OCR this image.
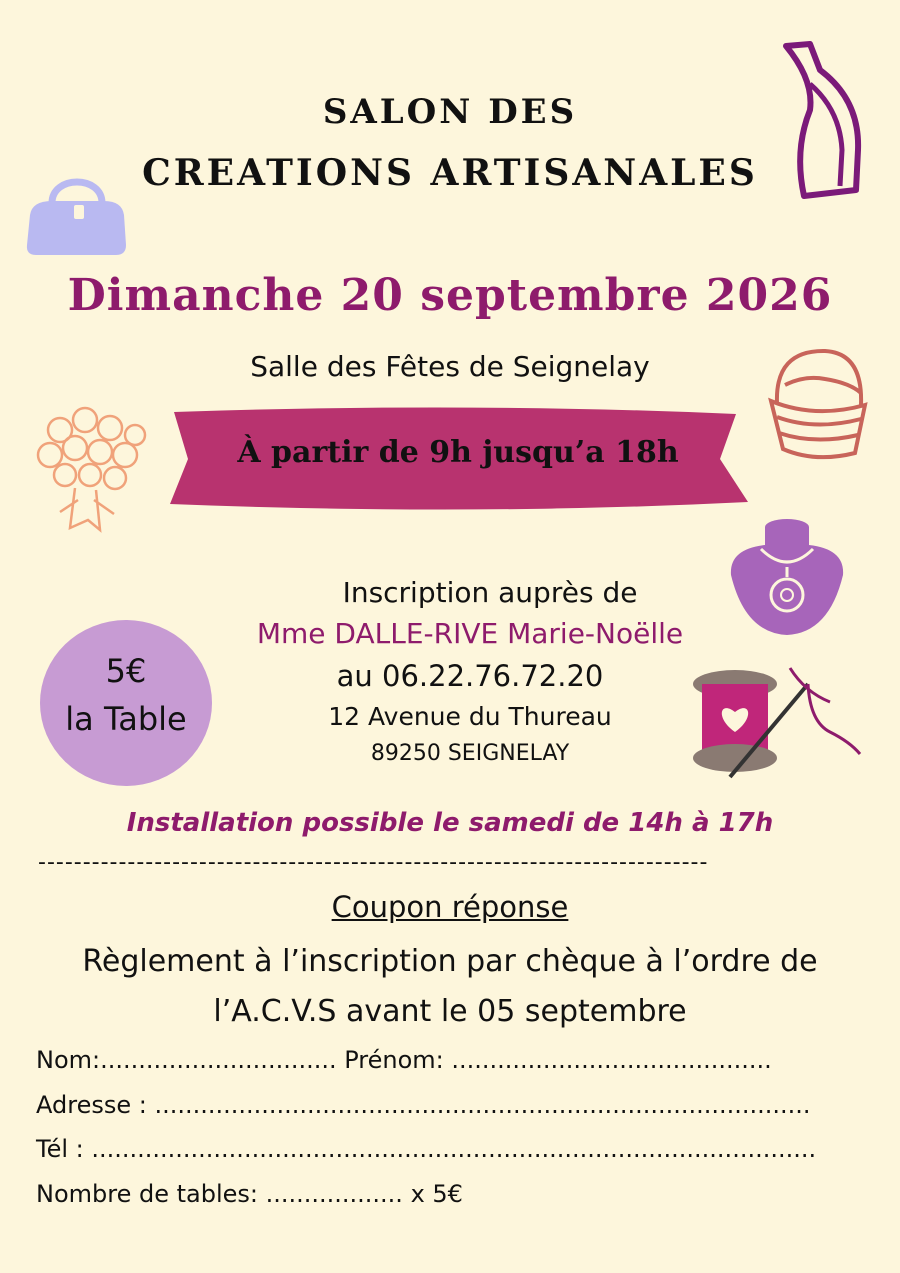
SALON DES
CREATIONS ARTISANALES
Dimanche 20 septembre 2026
Salle des Fêtes de Seignelay
À partir de 9h jusqu’a 18h
5€
la Table
Inscription auprès de
Mme DALLE-RIVE Marie-Noëlle
au 06.22.76.72.20
12 Avenue du Thureau
89250 SEIGNELAY
Installation possible le samedi de 14h à 17h
---------------------------------------------------------------------------
Coupon réponse
Règlement à l’inscription par chèque à l’ordre de
l’A.C.V.S avant le 05 septembre
Nom:............................... Prénom: ..........................................
Adresse : ......................................................................................
Tél : ...............................................................................................
Nombre de tables: .................. x 5€
